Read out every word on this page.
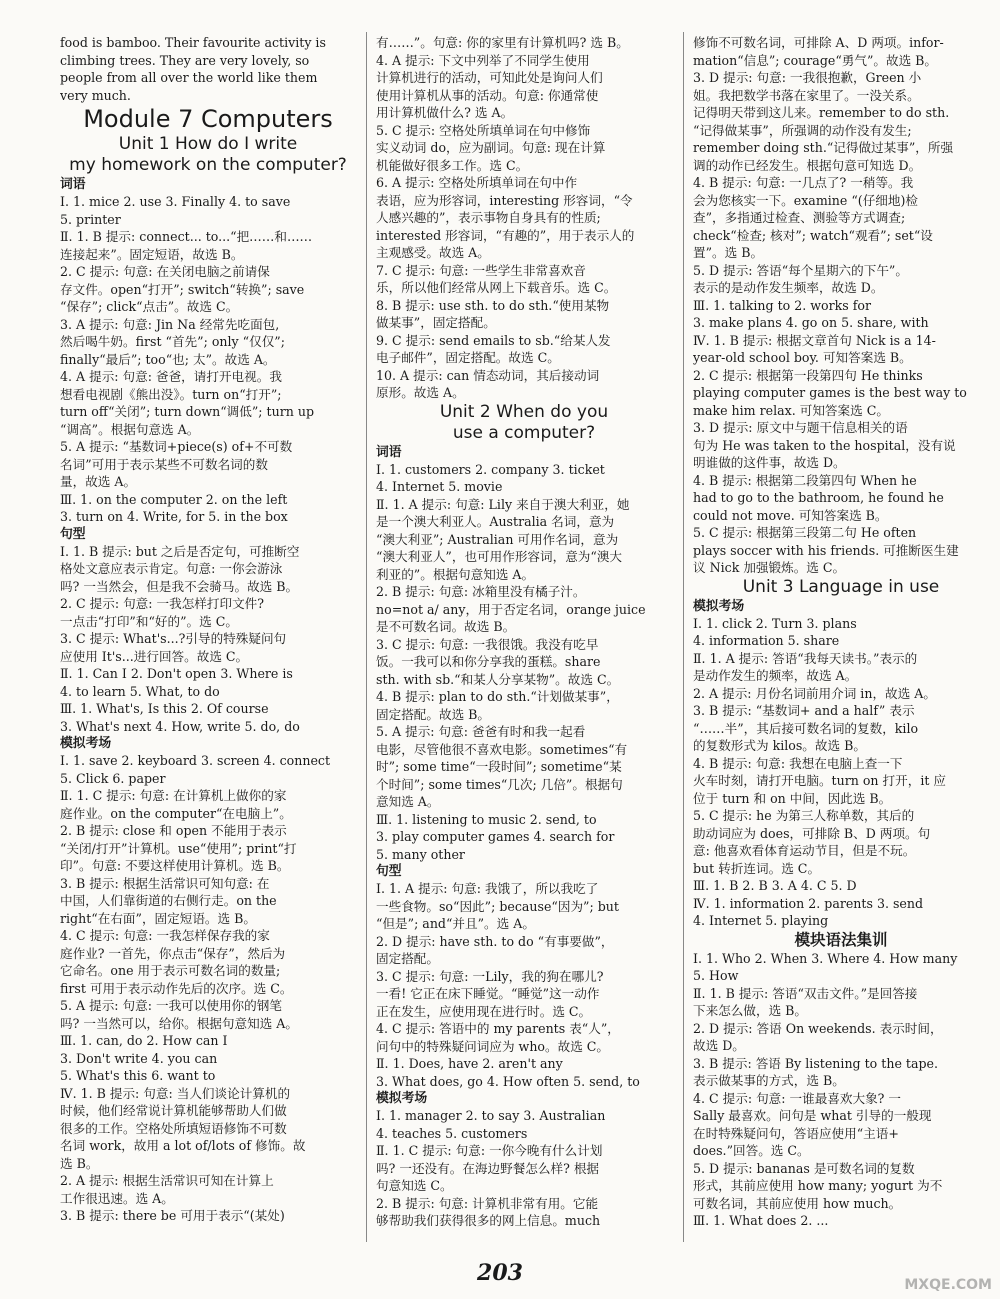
food is bamboo. Their favourite activity is
climbing trees. They are very lovely, so
people from all over the world like them
very much.

Module 7 Computers

Unit 1 How do I write

my homework on the computer?

词语

Ⅰ. 1. mice 2. use 3. Finally 4. to save
5. printer
Ⅱ. 1. B 提示: connect... to...“把……和……
连接起来”。固定短语，故选 B。
2. C 提示: 句意: 在关闭电脑之前请保
存文件。open“打开”; switch“转换”; save
“保存”; click“点击”。故选 C。
3. A 提示: 句意: Jin Na 经常先吃面包,
然后喝牛奶。first “首先”; only “仅仅”;
finally“最后”; too“也; 太”。故选 A。
4. A 提示: 句意: 爸爸，请打开电视。我
想看电视剧《熊出没》。turn on“打开”;
turn off“关闭”; turn down“调低”; turn up
“调高”。根据句意选 A。
5. A 提示: “基数词+piece(s) of+不可数
名词”可用于表示某些不可数名词的数
量，故选 A。
Ⅲ. 1. on the computer 2. on the left
3. turn on 4. Write, for 5. in the box

句型

Ⅰ. 1. B 提示: but 之后是否定句，可推断空
格处文意应表示肯定。句意: 一你会游泳
吗? 一当然会，但是我不会骑马。故选 B。
2. C 提示: 句意: 一我怎样打印文件?
一点击“打印”和“好的”。选 C。
3. C 提示: What's...?引导的特殊疑问句
应使用 It's...进行回答。故选 C。
Ⅱ. 1. Can I 2. Don't open 3. Where is
4. to learn 5. What, to do
Ⅲ. 1. What's, Is this 2. Of course
3. What's next 4. How, write 5. do, do

模拟考场

Ⅰ. 1. save 2. keyboard 3. screen 4. connect
5. Click 6. paper
Ⅱ. 1. C 提示: 句意: 在计算机上做你的家
庭作业。on the computer“在电脑上”。
2. B 提示: close 和 open 不能用于表示
“关闭/打开”计算机。use“使用”; print“打
印”。句意: 不要这样使用计算机。选 B。
3. B 提示: 根据生活常识可知句意: 在
中国，人们靠街道的右侧行走。on the
right“在右面”，固定短语。选 B。
4. C 提示: 句意: 一我怎样保存我的家
庭作业? 一首先，你点击“保存”，然后为
它命名。one 用于表示可数名词的数量;
first 可用于表示动作先后的次序。选 C。
5. A 提示: 句意: 一我可以使用你的钢笔
吗? 一当然可以，给你。根据句意知选 A。
Ⅲ. 1. can, do 2. How can I
3. Don't write 4. you can
5. What's this 6. want to
Ⅳ. 1. B 提示: 句意: 当人们谈论计算机的
时候，他们经常说计算机能够帮助人们做
很多的工作。空格处所填短语修饰不可数
名词 work，故用 a lot of/lots of 修饰。故
选 B。
2. A 提示: 根据生活常识可知在计算上
工作很迅速。选 A。
3. B 提示: there be 可用于表示“(某处)
有……”。句意: 你的家里有计算机吗? 选 B。
4. A 提示: 下文中列举了不同学生使用
计算机进行的活动，可知此处是询问人们
使用计算机从事的活动。句意: 你通常使
用计算机做什么? 选 A。
5. C 提示: 空格处所填单词在句中修饰
实义动词 do，应为副词。句意: 现在计算
机能做好很多工作。选 C。
6. A 提示: 空格处所填单词在句中作
表语，应为形容词，interesting 形容词，“令
人感兴趣的”，表示事物自身具有的性质;
interested 形容词，“有趣的”，用于表示人的
主观感受。故选 A。
7. C 提示: 句意: 一些学生非常喜欢音
乐，所以他们经常从网上下载音乐。选 C。
8. B 提示: use sth. to do sth.“使用某物
做某事”，固定搭配。
9. C 提示: send emails to sb.“给某人发
电子邮件”，固定搭配。故选 C。
10. A 提示: can 情态动词，其后接动词
原形。故选 A。

Unit 2 When do you

use a computer?

词语

Ⅰ. 1. customers 2. company 3. ticket
4. Internet 5. movie
Ⅱ. 1. A 提示: 句意: Lily 来自于澳大利亚，她
是一个澳大利亚人。Australia 名词，意为
“澳大利亚”; Australian 可用作名词，意为
“澳大利亚人”，也可用作形容词，意为“澳大
利亚的”。根据句意知选 A。
2. B 提示: 句意: 冰箱里没有橘子汁。
no=not a/ any，用于否定名词，orange juice
是不可数名词。故选 B。
3. C 提示: 句意: 一我很饿。我没有吃早
饭。一我可以和你分享我的蛋糕。share
sth. with sb.“和某人分享某物”。故选 C。
4. B 提示: plan to do sth.“计划做某事”，
固定搭配。故选 B。
5. A 提示: 句意: 爸爸有时和我一起看
电影，尽管他很不喜欢电影。sometimes“有
时”; some time“一段时间”; sometime“某
个时间”; some times“几次; 几倍”。根据句
意知选 A。
Ⅲ. 1. listening to music 2. send, to
3. play computer games 4. search for
5. many other

句型

Ⅰ. 1. A 提示: 句意: 我饿了，所以我吃了
一些食物。so“因此”; because“因为”; but
“但是”; and“并且”。选 A。
2. D 提示: have sth. to do “有事要做”，
固定搭配。
3. C 提示: 句意: 一Lily，我的狗在哪儿?
一看! 它正在床下睡觉。“睡觉”这一动作
正在发生，应使用现在进行时。选 C。
4. C 提示: 答语中的 my parents 表“人”，
问句中的特殊疑问词应为 who。故选 C。
Ⅱ. 1. Does, have 2. aren't any
3. What does, go 4. How often 5. send, to

模拟考场

Ⅰ. 1. manager 2. to say 3. Australian
4. teaches 5. customers
Ⅱ. 1. C 提示: 句意: 一你今晚有什么计划
吗? 一还没有。在海边野餐怎么样? 根据
句意知选 C。
2. B 提示: 句意: 计算机非常有用。它能
够帮助我们获得很多的网上信息。much
修饰不可数名词，可排除 A、D 两项。infor-
mation“信息”; courage“勇气”。故选 B。
3. D 提示: 句意: 一我很抱歉，Green 小
姐。我把数学书落在家里了。一没关系。
记得明天带到这儿来。remember to do sth.
“记得做某事”，所强调的动作没有发生;
remember doing sth.“记得做过某事”，所强
调的动作已经发生。根据句意可知选 D。
4. B 提示: 句意: 一几点了? 一稍等。我
会为您核实一下。examine “(仔细地)检
查”，多指通过检查、测验等方式调查;
check“检查; 核对”; watch“观看”; set“设
置”。选 B。
5. D 提示: 答语“每个星期六的下午”。
表示的是动作发生频率，故选 D。
Ⅲ. 1. talking to 2. works for
3. make plans 4. go on 5. share, with
Ⅳ. 1. B 提示: 根据文章首句 Nick is a 14-
year-old school boy. 可知答案选 B。
2. C 提示: 根据第一段第四句 He thinks
playing computer games is the best way to
make him relax. 可知答案选 C。
3. D 提示: 原文中与题干信息相关的语
句为 He was taken to the hospital，没有说
明谁做的这件事，故选 D。
4. B 提示: 根据第二段第四句 When he
had to go to the bathroom, he found he
could not move. 可知答案选 B。
5. C 提示: 根据第三段第二句 He often
plays soccer with his friends. 可推断医生建
议 Nick 加强锻炼。选 C。

Unit 3 Language in use

模拟考场

Ⅰ. 1. click 2. Turn 3. plans
4. information 5. share
Ⅱ. 1. A 提示: 答语“我每天读书。”表示的
是动作发生的频率，故选 A。
2. A 提示: 月份名词前用介词 in，故选 A。
3. B 提示: “基数词+ and a half” 表示
“……半”，其后接可数名词的复数，kilo
的复数形式为 kilos。故选 B。
4. B 提示: 句意: 我想在电脑上查一下
火车时刻，请打开电脑。turn on 打开，it 应
位于 turn 和 on 中间，因此选 B。
5. C 提示: he 为第三人称单数，其后的
助动词应为 does，可排除 B、D 两项。句
意: 他喜欢看体育运动节目，但是不玩。
but 转折连词。选 C。
Ⅲ. 1. B 2. B 3. A 4. C 5. D
Ⅳ. 1. information 2. parents 3. send
4. Internet 5. playing

模块语法集训

Ⅰ. 1. Who 2. When 3. Where 4. How many
5. How
Ⅱ. 1. B 提示: 答语“双击文件。”是回答接
下来怎么做，选 B。
2. D 提示: 答语 On weekends. 表示时间，
故选 D。
3. B 提示: 答语 By listening to the tape.
表示做某事的方式，选 B。
4. C 提示: 句意: 一谁最喜欢大象? 一
Sally 最喜欢。问句是 what 引导的一般现
在时特殊疑问句，答语应使用“主语+
does.”回答。选 C。
5. D 提示: bananas 是可数名词的复数
形式，其前应使用 how many; yogurt 为不
可数名词，其前应使用 how much。
Ⅲ. 1. What does 2. ...
203	MXQE.COM
